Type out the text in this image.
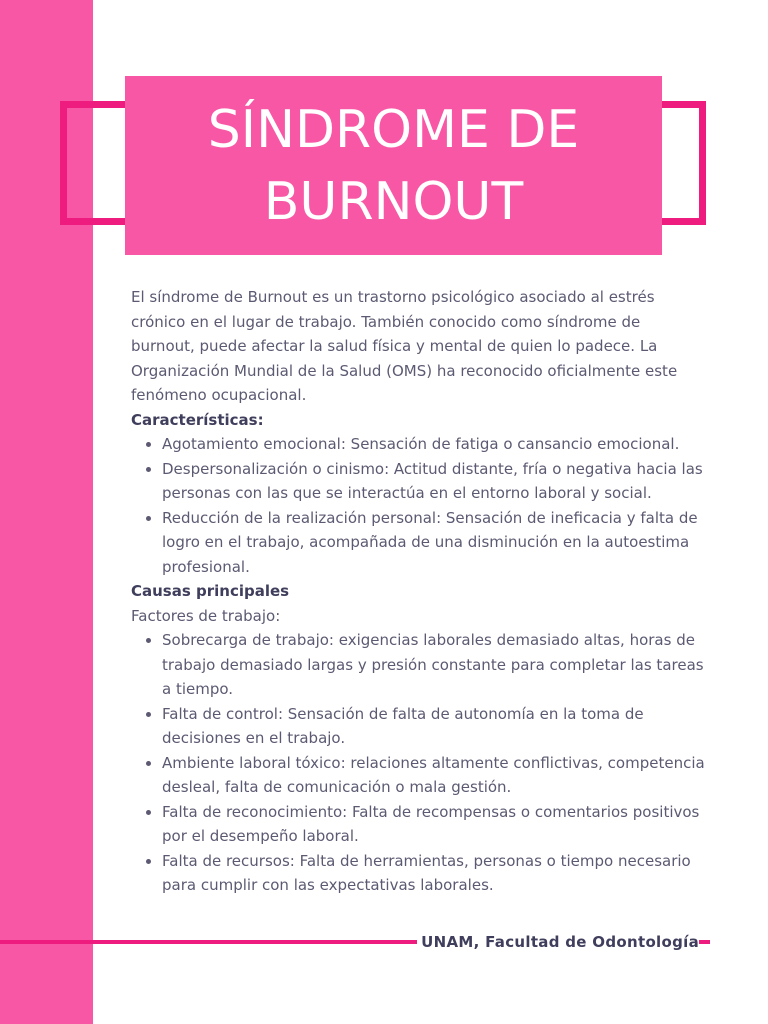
SÍNDROME DE
BURNOUT

El síndrome de Burnout es un trastorno psicológico asociado al estrés crónico en el lugar de trabajo. También conocido como síndrome de burnout, puede afectar la salud física y mental de quien lo padece. La Organización Mundial de la Salud (OMS) ha reconocido oficialmente este fenómeno ocupacional.

Características:

• Agotamiento emocional: Sensación de fatiga o cansancio emocional.
• Despersonalización o cinismo: Actitud distante, fría o negativa hacia las personas con las que se interactúa en el entorno laboral y social.
• Reducción de la realización personal: Sensación de ineficacia y falta de logro en el trabajo, acompañada de una disminución en la autoestima profesional.

Causas principales

Factores de trabajo:

• Sobrecarga de trabajo: exigencias laborales demasiado altas, horas de trabajo demasiado largas y presión constante para completar las tareas a tiempo.
• Falta de control: Sensación de falta de autonomía en la toma de decisiones en el trabajo.
• Ambiente laboral tóxico: relaciones altamente conflictivas, competencia desleal, falta de comunicación o mala gestión.
• Falta de reconocimiento: Falta de recompensas o comentarios positivos por el desempeño laboral.
• Falta de recursos: Falta de herramientas, personas o tiempo necesario para cumplir con las expectativas laborales.
UNAM, Facultad de Odontología
